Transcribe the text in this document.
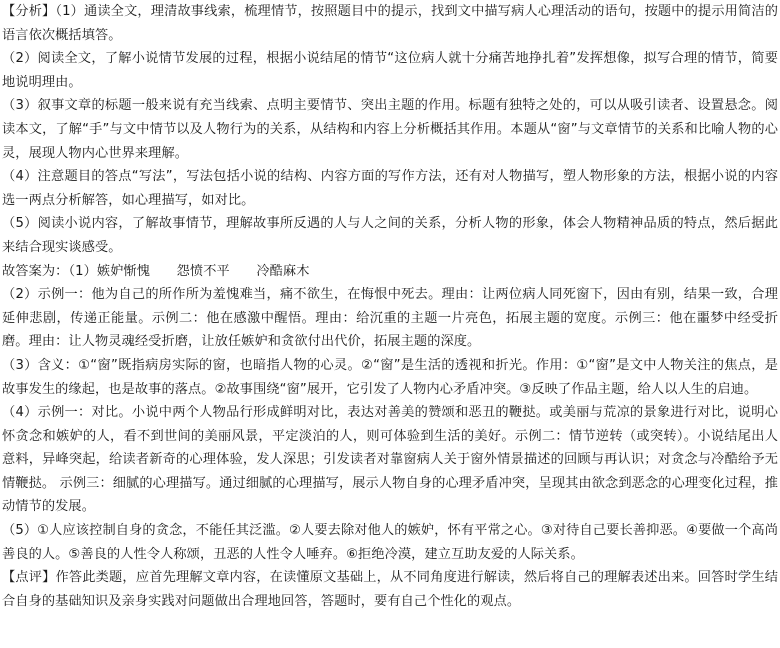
【分析】（1）通读全文，理清故事线索，梳理情节，按照题目中的提示，找到文中描写病人心理活动的语句，按题中的提示用简洁的语言依次概括填答。

（2）阅读全文，了解小说情节发展的过程，根据小说结尾的情节“这位病人就十分痛苦地挣扎着”发挥想像，拟写合理的情节，简要地说明理由。

（3）叙事文章的标题一般来说有充当线索、点明主要情节、突出主题的作用。标题有独特之处的，可以从吸引读者、设置悬念。阅读本文，了解“手”与文中情节以及人物行为的关系，从结构和内容上分析概括其作用。本题从“窗”与文章情节的关系和比喻人物的心灵，展现人物内心世界来理解。

（4）注意题目的答点“写法”，写法包括小说的结构、内容方面的写作方法，还有对人物描写，塑人物形象的方法，根据小说的内容选一两点分析解答，如心理描写，如对比。

（5）阅读小说内容，了解故事情节，理解故事所反遇的人与人之间的关系，分析人物的形象，体会人物精神品质的特点，然后据此来结合现实谈感受。

故答案为：（1）嫉妒惭愧　　怨愤不平　　冷酷麻木

（2）示例一：他为自己的所作所为羞愧难当，痛不欲生，在悔恨中死去。理由：让两位病人同死窗下，因由有别，结果一致，合理延伸悲剧，传递正能量。示例二：他在感激中醒悟。理由：给沉重的主题一片亮色，拓展主题的宽度。示例三：他在噩梦中经受折磨。理由：让人物灵魂经受折磨，让放任嫉妒和贪欲付出代价，拓展主题的深度。

（3）含义：①“窗”既指病房实际的窗，也暗指人物的心灵。②“窗”是生活的透视和折光。作用：①“窗”是文中人物关注的焦点，是故事发生的缘起，也是故事的落点。②故事围绕“窗”展开，它引发了人物内心矛盾冲突。③反映了作品主题，给人以人生的启迪。

（4）示例一：对比。小说中两个人物品行形成鲜明对比，表达对善美的赞颂和恶丑的鞭挞。或美丽与荒凉的景象进行对比，说明心怀贪念和嫉妒的人，看不到世间的美丽风景，平定淡泊的人，则可体验到生活的美好。示例二：情节逆转（或突转）。小说结尾出人意料，异峰突起，给读者新奇的心理体验，发人深思；引发读者对靠窗病人关于窗外情景描述的回顾与再认识；对贪念与冷酷给予无情鞭挞。 示例三：细腻的心理描写。通过细腻的心理描写，展示人物自身的心理矛盾冲突，呈现其由欲念到恶念的心理变化过程，推动情节的发展。

（5）①人应该控制自身的贪念，不能任其泛滥。②人要去除对他人的嫉妒，怀有平常之心。③对待自己要长善抑恶。④要做一个高尚善良的人。⑤善良的人性令人称颂，丑恶的人性令人唾弃。⑥拒绝冷漠，建立互助友爱的人际关系。

【点评】作答此类题，应首先理解文章内容，在读懂原文基础上，从不同角度进行解读，然后将自己的理解表述出来。回答时学生结合自身的基础知识及亲身实践对问题做出合理地回答，答题时，要有自己个性化的观点。
